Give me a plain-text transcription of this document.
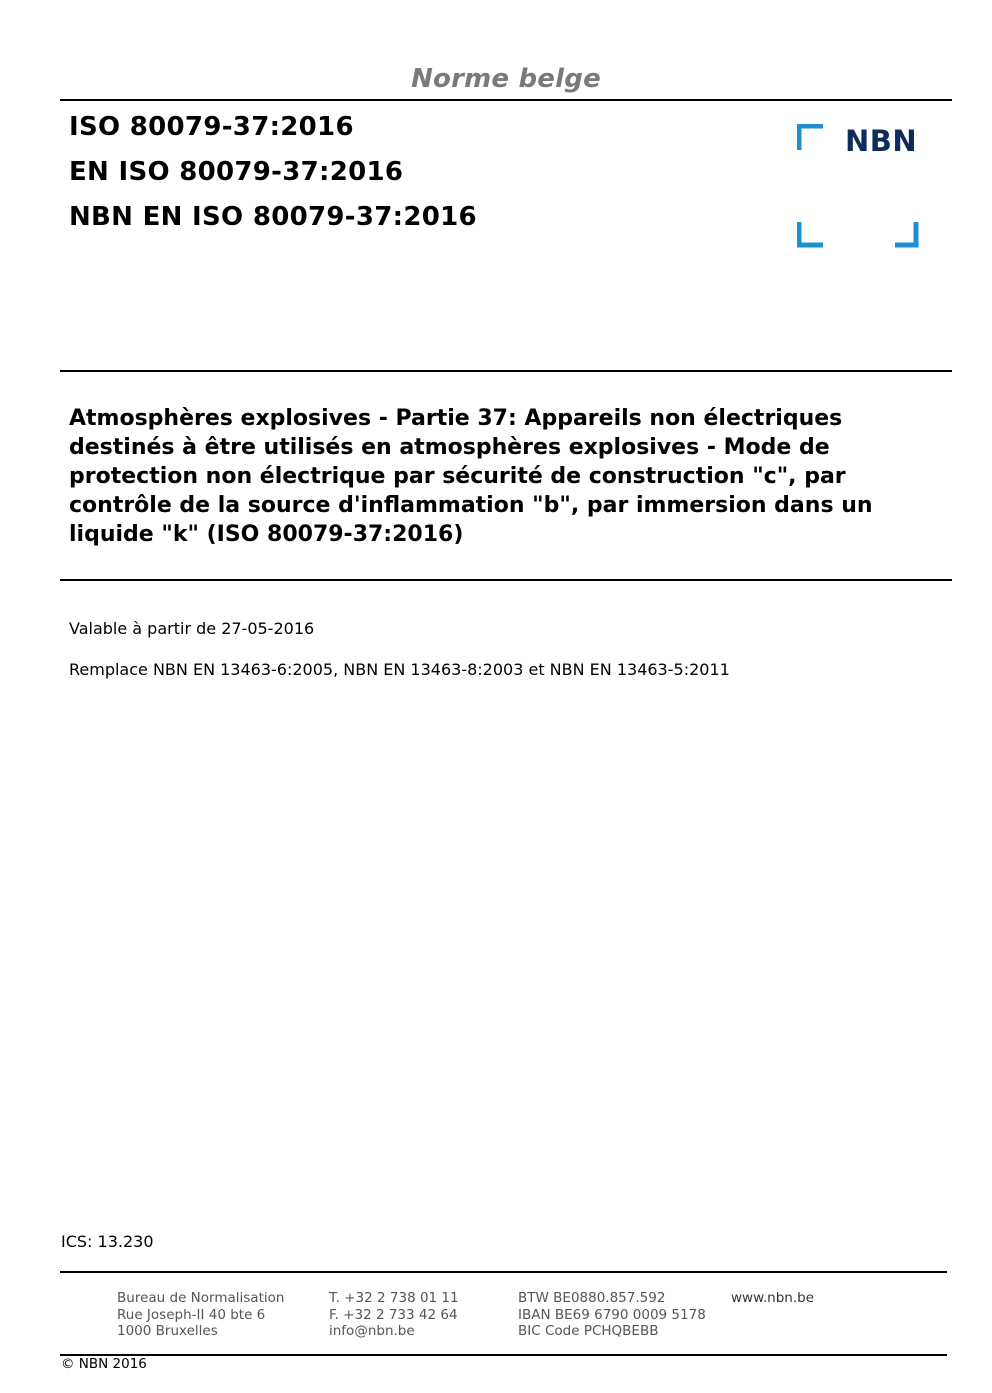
Norme belge
ISO 80079-37:2016
EN ISO 80079-37:2016
NBN EN ISO 80079-37:2016
NBN
Atmosphères explosives - Partie 37: Appareils non électriques
destinés à être utilisés en atmosphères explosives - Mode de
protection non électrique par sécurité de construction "c", par
contrôle de la source d'inflammation "b", par immersion dans un
liquide "k" (ISO 80079-37:2016)
Valable à partir de 27-05-2016
Remplace NBN EN 13463-6:2005, NBN EN 13463-8:2003 et NBN EN 13463-5:2011
ICS: 13.230
Bureau de Normalisation
Rue Joseph-II 40 bte 6
1000 Bruxelles
T. +32 2 738 01 11
F. +32 2 733 42 64
info@nbn.be
BTW BE0880.857.592
IBAN BE69 6790 0009 5178
BIC Code PCHQBEBB
www.nbn.be
© NBN 2016
